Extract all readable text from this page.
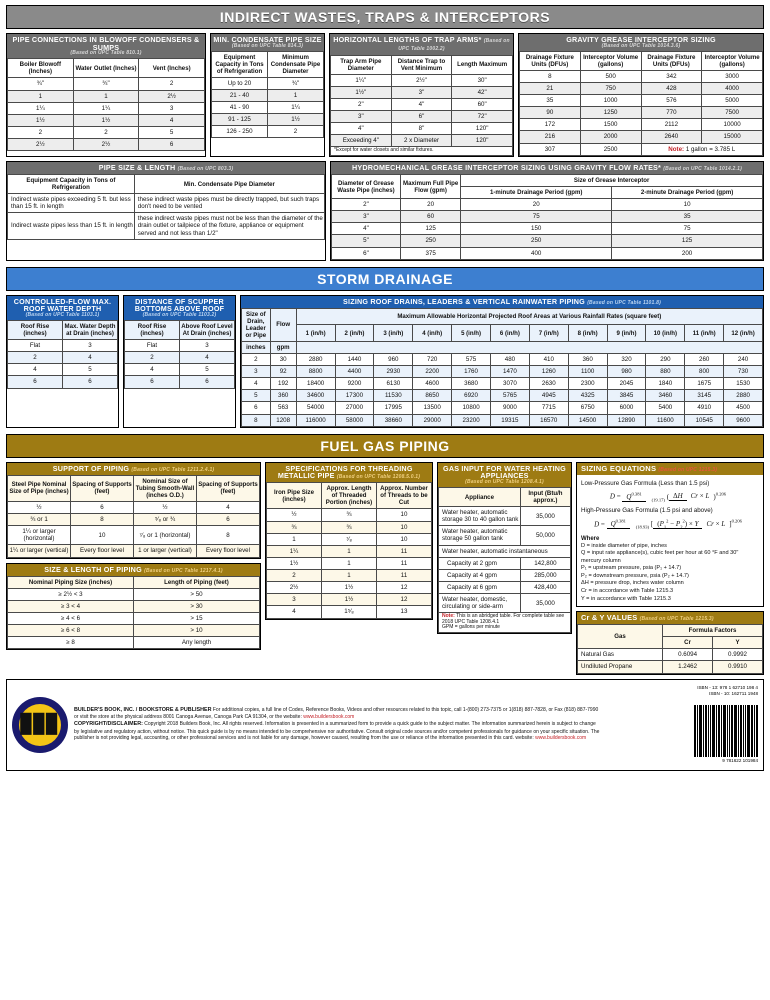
INDIRECT WASTES, TRAPS & INTERCEPTORS
PIPE CONNECTIONS IN BLOWOFF CONDENSERS & SUMPS
(Based on UPC Table 810.1)
Boiler Blowoff (Inches)	Water Outlet (Inches)	Vent (Inches)
¾"	¾"	2
1	1	2½
1¼	1¼	3
1½	1½	4
2	2	5
2½	2½	6
MIN. CONDENSATE PIPE SIZE
(Based on UPC Table 814.3)
Equipment Capacity in Tons of Refrigeration	Minimum Condensate Pipe Diameter
Up to 20	¾"
21 - 40	1
41 - 90	1¼
91 - 125	1½
126 - 250	2
HORIZONTAL LENGTHS OF TRAP ARMS* (Based on UPC Table 1002.2)
Trap Arm Pipe Diameter	Distance Trap to Vent Minimum	Length Maximum
1¼"	2½"	30"
1½"	3"	42"
2"	4"	60"
3"	6"	72"
4"	8"	120"
Exceeding 4"	2 x Diameter	120"
*Except for water closets and similar fixtures.		
GRAVITY GREASE INTERCEPTOR SIZING
(Based on UPC Table 1014.3.6)
Drainage Fixture Units (DFUs)	Interceptor Volume (gallons)	Drainage Fixture Units (DFUs)	Interceptor Volume (gallons)
8	500	342	3000
21	750	428	4000
35	1000	576	5000
90	1250	770	7500
172	1500	2112	10000
216	2000	2640	15000
307	2500	Note: 1 gallon = 3.785 L	
PIPE SIZE & LENGTH (Based on UPC 803.3)
Equipment Capacity in Tons of Refrigeration	Min. Condensate Pipe Diameter
Indirect waste pipes exceeding 5 ft. but less than 15 ft. in length	these indirect waste pipes must be directly trapped, but such traps don't need to be vented
Indirect waste pipes less than 15 ft. in length	these indirect waste pipes must not be less than the diameter of the drain outlet or tailpiece of the fixture, appliance or equipment served and not less than 1/2"
HYDROMECHANICAL GREASE INTERCEPTOR SIZING USING GRAVITY FLOW RATES* (Based on UPC Table 1014.2.1)
Diameter of Grease Waste Pipe (inches)	Maximum Full Pipe Flow (gpm)	Size of Grease Interceptor	
		1-minute Drainage Period (gpm)	2-minute Drainage Period (gpm)
2"	20	20	10
3"	60	75	35
4"	125	150	75
5"	250	250	125
6"	375	400	200
STORM DRAINAGE
CONTROLLED-FLOW MAX. ROOF WATER DEPTH
(Based on UPC Table 1103.1)
Roof Rise (inches)	Max. Water Depth at Drain (inches)
Flat	3
2	4
4	5
6	6
DISTANCE OF SCUPPER BOTTOMS ABOVE ROOF
(Based on UPC Table 1103.2)
Roof Rise (inches)	Above Roof Level At Drain (inches)
Flat	3
2	4
4	5
6	6
SIZING ROOF DRAINS, LEADERS & VERTICAL RAINWATER PIPING (Based on UPC Table 1101.8)
Size of Drain, Leader or Pipe	Flow	Maximum Allowable Horizontal Projected Roof Areas at Various Rainfall Rates (square feet)											
		1 (in/h)	2 (in/h)	3 (in/h)	4 (in/h)	5 (in/h)	6 (in/h)	7 (in/h)	8 (in/h)	9 (in/h)	10 (in/h)	11 (in/h)	12 (in/h)
inches	gpm												
2	30	2880	1440	960	720	575	480	410	360	320	290	260	240
3	92	8800	4400	2930	2200	1760	1470	1260	1100	980	880	800	730
4	192	18400	9200	6130	4600	3680	3070	2630	2300	2045	1840	1675	1530
5	360	34600	17300	11530	8650	6920	5765	4945	4325	3845	3460	3145	2880
6	563	54000	27000	17995	13500	10800	9000	7715	6750	6000	5400	4910	4500
8	1208	116000	58000	38660	29000	23200	19315	16570	14500	12890	11600	10545	9600
FUEL GAS PIPING
SUPPORT OF PIPING (Based on UPC Table 1211.2.4.1)
Steel Pipe Nominal Size of Pipe (inches)	Spacing of Supports (feet)	Nominal Size of Tubing Smooth-Wall (inches O.D.)	Spacing of Supports (feet)
½	6	½	4
¾ or 1	8	⁵⁄₈ or ¾	6
1¼ or larger (horizontal)	10	⁷⁄₈ or 1 (horizontal)	8
1¼ or larger (vertical)	Every floor level	1 or larger (vertical)	Every floor level
SIZE & LENGTH OF PIPING (Based on UPC Table 1217.4.1)
Nominal Piping Size (inches)	Length of Piping (feet)
≥ 2½ < 3	> 50
≥ 3 < 4	> 30
≥ 4 < 6	> 15
≥ 6 < 8	> 10
≥ 8	Any length
SPECIFICATIONS FOR THREADING METALLIC PIPE (Based on UPC Table 1208.5.0.1)
Iron Pipe Size (inches)	Approx. Length of Threaded Portion (inches)	Approx. Number of Threads to be Cut
½	¾	10
¾	¾	10
1	⁷⁄₈	10
1¼	1	11
1½	1	11
2	1	11
2½	1½	12
3	1½	12
4	1⁵⁄₈	13
GAS INPUT FOR WATER HEATING APPLIANCES
(Based on UPC Table 1208.4.1)
Appliance	Input (Btu/h approx.)
Water heater, automatic storage 30 to 40 gallon tank	35,000
Water heater, automatic storage 50 gallon tank	50,000
Water heater, automatic instantaneous	
Capacity at 2 gpm	142,800
Capacity at 4 gpm	285,000
Capacity at 6 gpm	428,400
Water heater, domestic, circulating or side-arm	35,000
Note: This is an abridged table. For complete table see 2018 UPC Table 1208.4.1
GPM = gallons per minute	
SIZING EQUATIONS (Based on UPC 1215.3)
Low-Pressure Gas Formula (Less than 1.5 psi)
$D = Q^{0.381}$ $_{(19.17)}$ ( ΔH Cr × L )$^{0.206}$
High-Pressure Gas Formula (1.5 psi and above)
$D = Q^{0.381}$ $_{(18.93)}$ [ $(P_1^2 - P_2^2) \times Y$ Cr × L ]$^{0.206}$
Where
D = inside diameter of pipe, inches
Q = input rate appliance(s), cubic feet per hour at 60 °F and 30" mercury column
P₁ = upstream pressure, psia (P₁ + 14.7)
P₂ = downstream pressure, psia (P₂ + 14.7)
ΔH = pressure drop, inches water column
Cr = in accordance with Table 1215.3
Y = in accordance with Table 1215.3
Cr & Y VALUES (Based on UPC Table 1215.3)
Gas	Formula Factors	
	Cr	Y
Natural Gas	0.6094	0.9992
Undiluted Propane	1.2462	0.9910
▊▊▊

BUILDER'S BOOK, INC. / BOOKSTORE & PUBLISHER For additional copies, a full line of Codes, Reference Books, Videos and other resources related to this topic, call 1-(800) 273-7375 or 1(818) 887-7828, or Fax (818) 887-7990 or visit the store at the physical address 8001 Canoga Avenue, Canoga Park CA 91304, or the website: www.buildersbook.com

COPYRIGHT/DISCLAIMER: Copyright 2018 Builders Book, Inc. All rights reserved. Information is presented in a summarized form to provide a quick guide to the subject matter. The information summarized herein is subject to change by legislative and regulatory action, without notice. This quick guide is by no means intended to be comprehensive nor authoritative. Consult original code sources and/or competent professionals for guidance on your specific situation. The publisher is not providing legal, accounting, or other professional services and is not liable for any damage, however caused, resulting from the use or reliance of the information presented in this card. website: www.buildersbook.com

ISBN - 13: 978 1 62710 198 4
ISBN - 10: 162711 1948
9 781622 101984
